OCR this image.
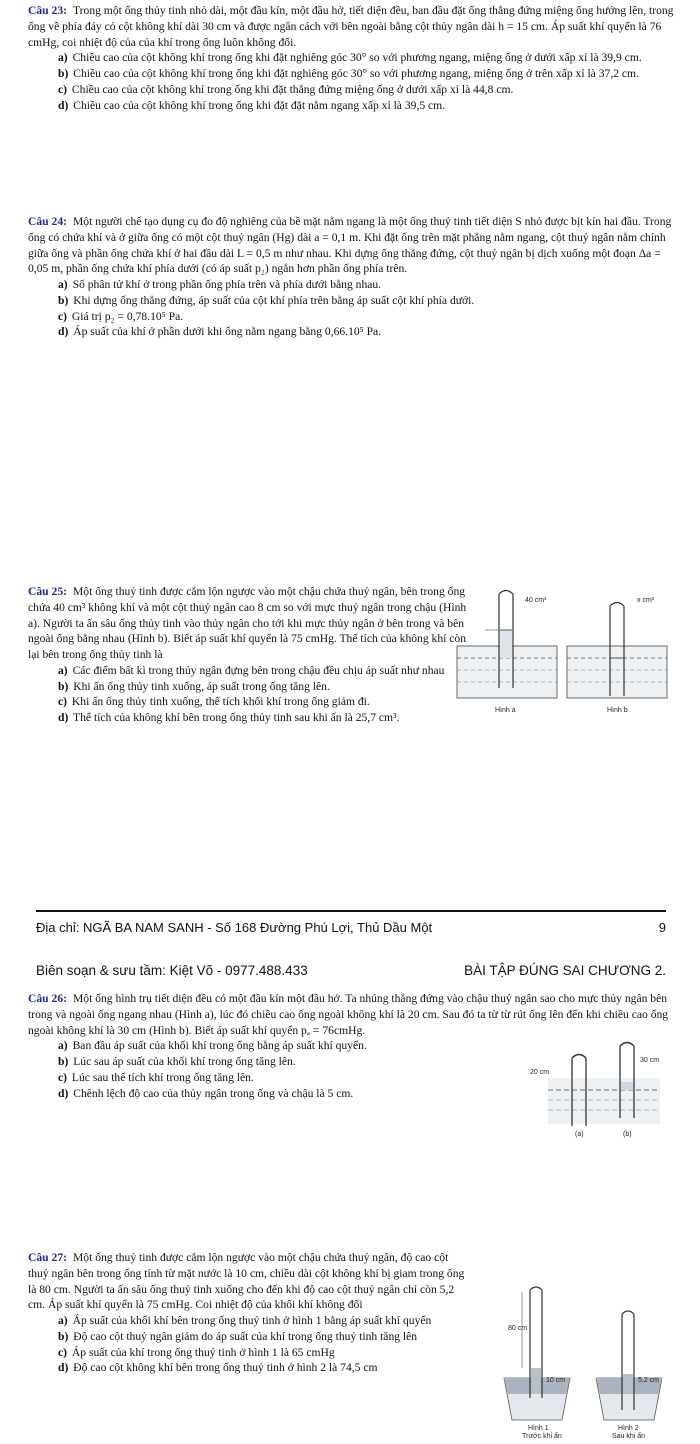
Câu 23: Trong một ống thủy tinh nhỏ dài, một đầu kín, một đầu hở, tiết diện đều, ban đầu đặt ống thẳng đứng miệng ống hướng lên, trong ống về phía đáy có cột không khí dài 30 cm và được ngăn cách với bên ngoài bằng cột thủy ngân dài h = 15 cm. Áp suất khí quyển là 76 cmHg, coi nhiệt độ của của khí trong ống luôn không đổi.

a) Chiều cao của cột không khí trong ống khi đặt nghiêng góc 30° so với phương ngang, miệng ống ở dưới xấp xỉ là 39,9 cm.

b) Chiều cao của cột không khí trong ống khi đặt nghiêng góc 30° so với phương ngang, miệng ống ở trên xấp xỉ là 37,2 cm.

c) Chiều cao của cột không khí trong ống khi đặt thẳng đứng miệng ống ở dưới xấp xỉ là 44,8 cm.

d) Chiều cao của cột không khí trong ống khi đặt đặt nằm ngang xấp xỉ là 39,5 cm.

Câu 24: Một người chế tạo dụng cụ đo độ nghiêng của bề mặt nằm ngang là một ống thuỷ tinh tiết diện S nhỏ được bịt kín hai đầu. Trong ống có chứa khí và ở giữa ống có một cột thuỷ ngân (Hg) dài a = 0,1 m. Khi đặt ống trên mặt phẳng nằm ngang, cột thuỷ ngân nằm chính giữa ống và phần ống chứa khí ở hai đầu dài L = 0,5 m như nhau. Khi dựng ống thẳng đứng, cột thuỷ ngân bị dịch xuống một đoạn Δa = 0,05 m, phần ống chứa khí phía dưới (có áp suất p₂) ngắn hơn phần ống phía trên.

a) Số phân tử khí ở trong phần ống phía trên và phía dưới bằng nhau.

b) Khi dựng ống thẳng đứng, áp suất của cột khí phía trên bằng áp suất cột khí phía dưới.

c) Giá trị p₂ = 0,78.10⁵ Pa.

d) Áp suất của khí ở phần dưới khi ống nằm ngang bằng 0,66.10⁵ Pa.

Câu 25: Một ống thuỷ tinh được cắm lộn ngược vào một chậu chứa thuỷ ngân, bên trong ống chứa 40 cm³ không khí và một cột thuỷ ngân cao 8 cm so với mực thuỷ ngân trong chậu (Hình a). Người ta ấn sâu ống thủy tinh vào thủy ngân cho tới khi mực thủy ngân ở bên trong và bên ngoài ống bằng nhau (Hình b). Biết áp suất khí quyển là 75 cmHg. Thể tích của không khí còn lại bên trong ống thủy tinh là

a) Các điểm bất kì trong thủy ngân đựng bên trong chậu đều chịu áp suất như nhau

b) Khi ấn ống thủy tinh xuống, áp suất trong ống tăng lên.

c) Khi ấn ống thủy tinh xuống, thể tích khối khí trong ống giảm đi.

d) Thể tích của không khí bên trong ống thủy tinh sau khi ấn là 25,7 cm³.

40 cm³
Hình a
x cm³
Hình b
Địa chỉ: NGÃ BA NAM SANH - Số 168 Đường Phú Lợi, Thủ Dầu Một	9
Biên soạn & sưu tầm: Kiệt Võ - 0977.488.433	BÀI TẬP ĐÚNG SAI CHƯƠNG 2.

Câu 26: Một ống hình trụ tiết diện đều có một đầu kín một đầu hở. Ta nhúng thẳng đứng vào chậu thuỷ ngân sao cho mực thủy ngân bên trong và ngoài ống ngang nhau (Hình a), lúc đó chiều cao ống ngoài không khí là 20 cm. Sau đó ta từ từ rút ống lên đến khi chiều cao ống ngoài không khí là 30 cm (Hình b). Biết áp suất khí quyển pₐ = 76cmHg.

a) Ban đầu áp suất của khối khí trong ống bằng áp suất khí quyển.

b) Lúc sau áp suất của khối khí trong ống tăng lên.

c) Lúc sau thể tích khí trong ống tăng lên.

d) Chênh lệch độ cao của thủy ngân trong ống và chậu là 5 cm.

20 cm
30 cm
(a)	(b)

Câu 27: Một ống thuỷ tinh được cắm lộn ngược vào một chậu chứa thuỷ ngân, độ cao cột thuỷ ngân bên trong ống tính từ mặt nước là 10 cm, chiều dài cột không khí bị giam trong ống là 80 cm. Người ta ấn sâu ống thuỷ tinh xuống cho đến khi độ cao cột thuỷ ngân chỉ còn 5,2 cm. Áp suất khí quyển là 75 cmHg. Coi nhiệt độ của khối khí không đổi

a) Áp suất của khối khí bên trong ống thuỷ tinh ở hình 1 bằng áp suất khí quyển

b) Độ cao cột thuỷ ngân giảm do áp suất của khí trong ống thuỷ tinh tăng lên

c) Áp suất của khí trong ống thuỷ tinh ở hình 1 là 65 cmHg

d) Độ cao cột không khí bên trong ống thuỷ tinh ở hình 2 là 74,5 cm

80 cm
10 cm
Hình 1
Trước khi ấn
5,2 cm
Hình 2
Sau khi ấn
